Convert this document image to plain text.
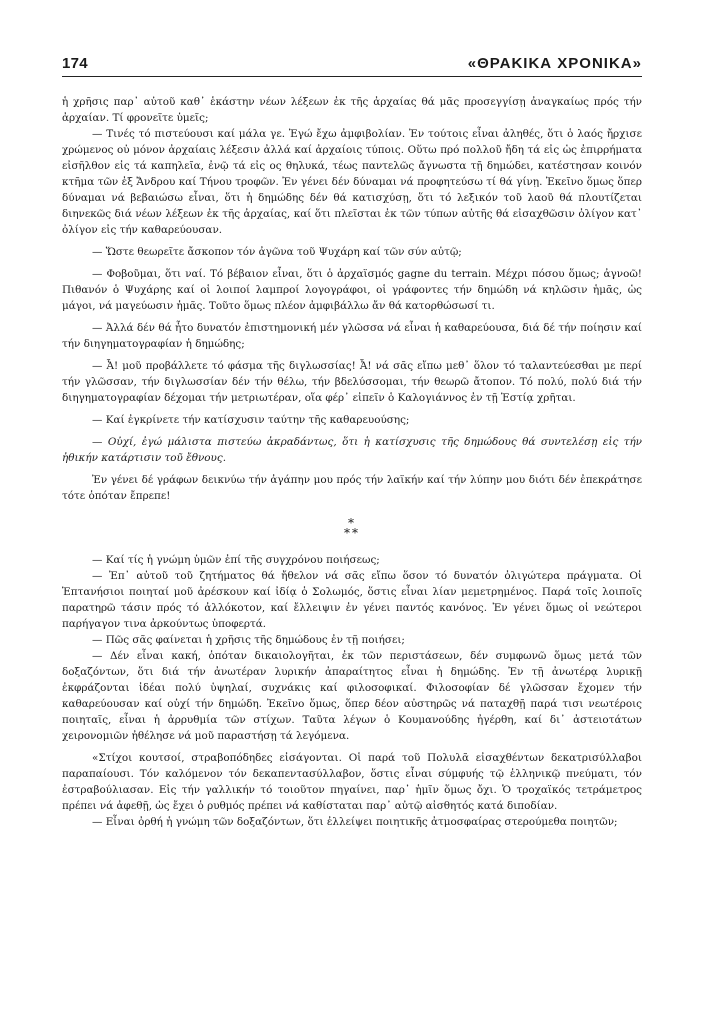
174	«ΘΡΑΚΙΚΑ ΧΡΟΝΙΚΑ»

ἡ χρῆσις παρ᾽ αὐτοῦ καθ᾽ ἑκάστην νέων λέξεων ἐκ τῆς ἀρχαίας θά μᾶς προσεγγίσῃ ἀναγκαίως πρός τήν ἀρχαίαν. Τί φρονεῖτε ὑμεῖς;

— Τινές τό πιστεύουσι καί μάλα γε. Ἐγώ ἔχω ἀμφιβολίαν. Ἐν τούτοις εἶναι ἀληθές, ὅτι ὁ λαός ἤρχισε χρώμενος οὐ μόνον ἀρχαίαις λέξεσιν ἀλλά καί ἀρχαίοις τύποις. Οὕτω πρό πολλοῦ ἤδη τά εἰς ὡς ἐπιρρήματα εἰσῆλθον εἰς τά καπηλεῖα, ἐνῷ τά εἰς ος θηλυκά, τέως παντελῶς ἄγνωστα τῇ δημώδει, κατέστησαν κοινόν κτῆμα τῶν ἐξ Ἄνδρου καί Τήνου τροφῶν. Ἐν γένει δέν δύναμαι νά προφητεύσω τί θά γίνῃ. Ἐκεῖνο ὅμως ὅπερ δύναμαι νά βεβαιώσω εἶναι, ὅτι ἡ δημώδης δέν θά κατισχύσῃ, ὅτι τό λεξικόν τοῦ λαοῦ θά πλουτίζεται διηνεκῶς διά νέων λέξεων ἐκ τῆς ἀρχαίας, καί ὅτι πλεῖσται ἐκ τῶν τύπων αὐτῆς θά εἰσαχθῶσιν ὀλίγον κατ᾽ ὀλίγον εἰς τήν καθαρεύουσαν.

— Ὥστε θεωρεῖτε ἄσκοπον τόν ἀγῶνα τοῦ Ψυχάρη καί τῶν σύν αὐτῷ;

— Φοβοῦμαι, ὅτι ναί. Τό βέβαιον εἶναι, ὅτι ὁ ἀρχαϊσμός gagne du terrain. Μέχρι πόσου ὅμως; ἀγνοῶ! Πιθανόν ὁ Ψυχάρης καί οἱ λοιποί λαμπροί λογογράφοι, οἱ γράφοντες τήν δημώδη νά κηλῶσιν ἡμᾶς, ὡς μάγοι, νά μαγεύωσιν ἡμᾶς. Τοῦτο ὅμως πλέον ἀμφιβάλλω ἄν θά κατορθώσωσί τι.

— Ἀλλά δέν θά ἦτο δυνατόν ἐπιστημονική μέν γλῶσσα νά εἶναι ἡ καθαρεύουσα, διά δέ τήν ποίησιν καί τήν διηγηματογραφίαν ἡ δημώδης;

— Ἆ! μοῦ προβάλλετε τό φάσμα τῆς διγλωσσίας! Ἆ! νά σᾶς εἴπω μεθ᾽ ὅλον τό ταλαντεύεσθαι με περί τήν γλῶσσαν, τήν διγλωσσίαν δέν τήν θέλω, τήν βδελύσσομαι, τήν θεωρῶ ἄτοπον. Τό πολύ, πολύ διά τήν διηγηματογραφίαν δέχομαι τήν μετριωτέραν, οἵα φέρ᾽ εἰπεῖν ὁ Καλογιάννος ἐν τῇ Ἑστίᾳ χρῆται.

— Καί ἐγκρίνετε τήν κατίσχυσιν ταύτην τῆς καθαρευούσης;

— Οὐχί, ἐγώ μάλιστα πιστεύω ἀκραδάντως, ὅτι ἡ κατίσχυσις τῆς δημώδους θά συντελέσῃ εἰς τήν ἠθικήν κατάρτισιν τοῦ ἔθνους.

Ἐν γένει δέ γράφων δεικνύω τήν ἀγάπην μου πρός τήν λαϊκήν καί τήν λύπην μου διότι δέν ἐπεκράτησε τότε ὁπόταν ἔπρεπε!

*
**

— Καί τίς ἡ γνώμη ὑμῶν ἐπί τῆς συγχρόνου ποιήσεως;

— Ἐπ᾽ αὐτοῦ τοῦ ζητήματος θά ἤθελον νά σᾶς εἴπω ὅσον τό δυνατόν ὀλιγώτερα πράγματα. Οἱ Ἑπτανήσιοι ποιηταί μοῦ ἀρέσκουν καί ἰδίᾳ ὁ Σολωμός, ὅστις εἶναι λίαν μεμετρημένος. Παρά τοῖς λοιποῖς παρατηρῶ τάσιν πρός τό ἀλλόκοτον, καί ἔλλειψιν ἐν γένει παντός κανόνος. Ἐν γένει ὅμως οἱ νεώτεροι παρήγαγον τινα ἀρκούντως ὑποφερτά.

— Πῶς σᾶς φαίνεται ἡ χρῆσις τῆς δημώδους ἐν τῇ ποιήσει;

— Δέν εἶναι κακή, ὁπόταν δικαιολογῆται, ἐκ τῶν περιστάσεων, δέν συμφωνῶ ὅμως μετά τῶν δοξαζόντων, ὅτι διά τήν ἀνωτέραν λυρικήν ἀπαραίτητος εἶναι ἡ δημώδης. Ἐν τῇ ἀνωτέρᾳ λυρικῇ ἐκφράζονται ἰδέαι πολύ ὑψηλαί, συχνάκις καί φιλοσοφικαί. Φιλοσοφίαν δέ γλῶσσαν ἔχομεν τήν καθαρεύουσαν καί οὐχί τήν δημώδη. Ἐκεῖνο ὅμως, ὅπερ δέον αὐστηρῶς νά παταχθῇ παρά τισι νεωτέροις ποιηταῖς, εἶναι ἡ ἀρρυθμία τῶν στίχων. Ταῦτα λέγων ὁ Κουμανούδης ἠγέρθη, καί δι᾽ ἀστειοτάτων χειρονομιῶν ἠθέλησε νά μοῦ παραστήσῃ τά λεγόμενα.

«Στίχοι κουτσοί, στραβοπόδηδες εἰσάγονται. Οἱ παρά τοῦ Πολυλᾶ εἰσαχθέντων δεκατρισύλλαβοι παραπαίουσι. Τόν καλόμενον τόν δεκαπεντασύλλαβον, ὅστις εἶναι σύμφυής τῷ ἑλληνικῷ πνεύματι, τόν ἐστραβούλιασαν. Εἰς τήν γαλλικήν τό τοιοῦτον πηγαίνει, παρ᾽ ἡμῖν ὅμως ὄχι. Ὁ τροχαϊκός τετράμετρος πρέπει νά ἀφεθῇ, ὡς ἔχει ὁ ρυθμός πρέπει νά καθίσταται παρ᾽ αὐτῷ αἰσθητός κατά διποδίαν.

— Εἶναι ὀρθή ἡ γνώμη τῶν δοξαζόντων, ὅτι ἐλλείψει ποιητικῆς ἀτμοσφαίρας στερούμεθα ποιητῶν;
